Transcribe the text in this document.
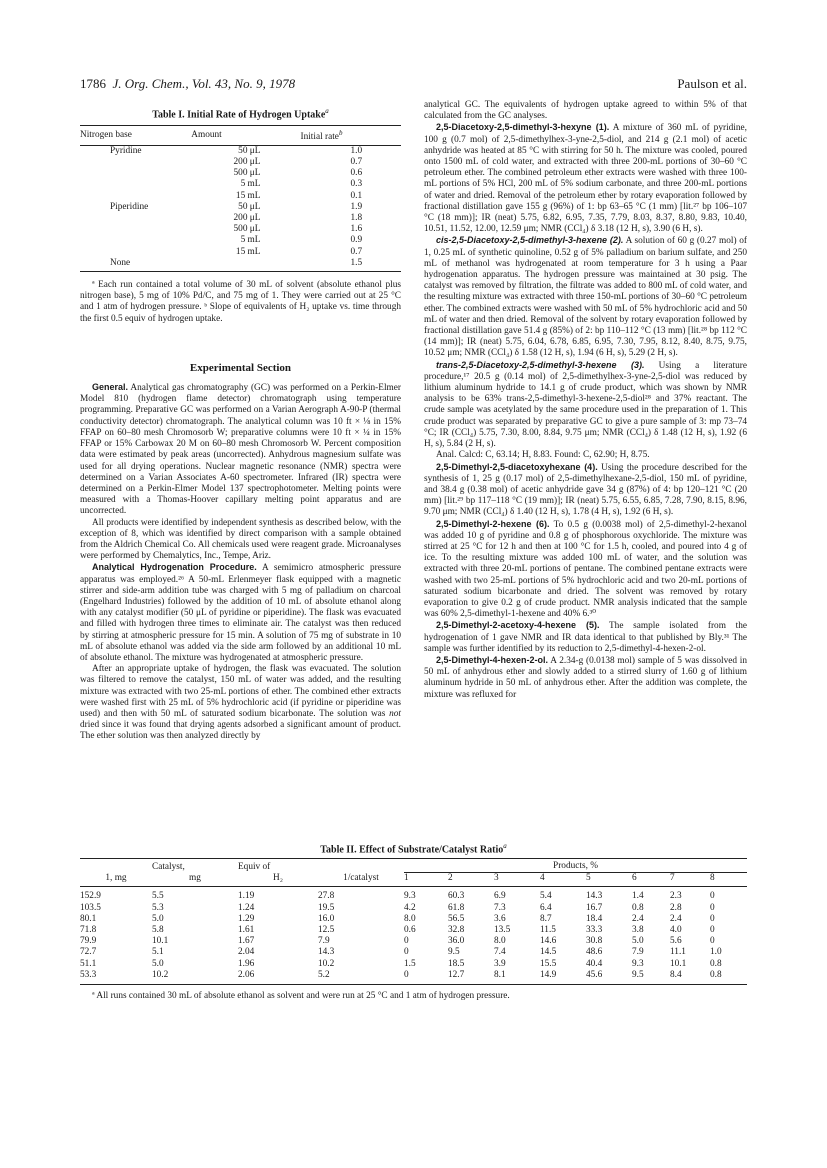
1786 J. Org. Chem., Vol. 43, No. 9, 1978	Paulson et al.
Table I. Initial Rate of Hydrogen Uptake$^a$
Nitrogen base	Amount	Initial rate$^b$
Pyridine	50 μL	1.0
	200 μL	0.7
	500 μL	0.6
	5 mL	0.3
	15 mL	0.1
Piperidine	50 μL	1.9
	200 μL	1.8
	500 μL	1.6
	5 mL	0.9
	15 mL	0.7
None		1.5
ª Each run contained a total volume of 30 mL of solvent (absolute ethanol plus nitrogen base), 5 mg of 10% Pd/C, and 75 mg of 1. They were carried out at 25 °C and 1 atm of hydrogen pressure. ᵇ Slope of equivalents of H₂ uptake vs. time through the first 0.5 equiv of hydrogen uptake.
Experimental Section

General. Analytical gas chromatography (GC) was performed on a Perkin-Elmer Model 810 (hydrogen flame detector) chromatograph using temperature programming. Preparative GC was performed on a Varian Aerograph A-90-P (thermal conductivity detector) chromatograph. The analytical column was 10 ft × ⅛ in 15% FFAP on 60–80 mesh Chromosorb W; preparative columns were 10 ft × ¼ in 15% FFAP or 15% Carbowax 20 M on 60–80 mesh Chromosorb W. Percent composition data were estimated by peak areas (uncorrected). Anhydrous magnesium sulfate was used for all drying operations. Nuclear magnetic resonance (NMR) spectra were determined on a Varian Associates A-60 spectrometer. Infrared (IR) spectra were determined on a Perkin-Elmer Model 137 spectrophotometer. Melting points were measured with a Thomas-Hoover capillary melting point apparatus and are uncorrected.

All products were identified by independent synthesis as described below, with the exception of 8, which was identified by direct comparison with a sample obtained from the Aldrich Chemical Co. All chemicals used were reagent grade. Microanalyses were performed by Chemalytics, Inc., Tempe, Ariz.

Analytical Hydrogenation Procedure. A semimicro atmospheric pressure apparatus was employed.²⁶ A 50-mL Erlenmeyer flask equipped with a magnetic stirrer and side-arm addition tube was charged with 5 mg of palladium on charcoal (Engelhard Industries) followed by the addition of 10 mL of absolute ethanol along with any catalyst modifier (50 μL of pyridine or piperidine). The flask was evacuated and filled with hydrogen three times to eliminate air. The catalyst was then reduced by stirring at atmospheric pressure for 15 min. A solution of 75 mg of substrate in 10 mL of absolute ethanol was added via the side arm followed by an additional 10 mL of absolute ethanol. The mixture was hydrogenated at atmospheric pressure.

After an appropriate uptake of hydrogen, the flask was evacuated. The solution was filtered to remove the catalyst, 150 mL of water was added, and the resulting mixture was extracted with two 25-mL portions of ether. The combined ether extracts were washed first with 25 mL of 5% hydrochloric acid (if pyridine or piperidine was used) and then with 50 mL of saturated sodium bicarbonate. The solution was not dried since it was found that drying agents adsorbed a significant amount of product. The ether solution was then analyzed directly by

analytical GC. The equivalents of hydrogen uptake agreed to within 5% of that calculated from the GC analyses.

2,5-Diacetoxy-2,5-dimethyl-3-hexyne (1). A mixture of 360 mL of pyridine, 100 g (0.7 mol) of 2,5-dimethylhex-3-yne-2,5-diol, and 214 g (2.1 mol) of acetic anhydride was heated at 85 °C with stirring for 50 h. The mixture was cooled, poured onto 1500 mL of cold water, and extracted with three 200-mL portions of 30–60 °C petroleum ether. The combined petroleum ether extracts were washed with three 100-mL portions of 5% HCl, 200 mL of 5% sodium carbonate, and three 200-mL portions of water and dried. Removal of the petroleum ether by rotary evaporation followed by fractional distillation gave 155 g (96%) of 1: bp 63–65 °C (1 mm) [lit.²⁷ bp 106–107 °C (18 mm)]; IR (neat) 5.75, 6.82, 6.95, 7.35, 7.79, 8.03, 8.37, 8.80, 9.83, 10.40, 10.51, 11.52, 12.00, 12.59 μm; NMR (CCl₄) δ 3.18 (12 H, s), 3.90 (6 H, s).

cis-2,5-Diacetoxy-2,5-dimethyl-3-hexene (2). A solution of 60 g (0.27 mol) of 1, 0.25 mL of synthetic quinoline, 0.52 g of 5% palladium on barium sulfate, and 250 mL of methanol was hydrogenated at room temperature for 3 h using a Paar hydrogenation apparatus. The hydrogen pressure was maintained at 30 psig. The catalyst was removed by filtration, the filtrate was added to 800 mL of cold water, and the resulting mixture was extracted with three 150-mL portions of 30–60 °C petroleum ether. The combined extracts were washed with 50 mL of 5% hydrochloric acid and 50 mL of water and then dried. Removal of the solvent by rotary evaporation followed by fractional distillation gave 51.4 g (85%) of 2: bp 110–112 °C (13 mm) [lit.²⁸ bp 112 °C (14 mm)]; IR (neat) 5.75, 6.04, 6.78, 6.85, 6.95, 7.30, 7.95, 8.12, 8.40, 8.75, 9.75, 10.52 μm; NMR (CCl₄) δ 1.58 (12 H, s), 1.94 (6 H, s), 5.29 (2 H, s).

trans-2,5-Diacetoxy-2,5-dimethyl-3-hexene (3). Using a literature procedure,¹⁷ 20.5 g (0.14 mol) of 2,5-dimethylhex-3-yne-2,5-diol was reduced by lithium aluminum hydride to 14.1 g of crude product, which was shown by NMR analysis to be 63% trans-2,5-dimethyl-3-hexene-2,5-diol²⁸ and 37% reactant. The crude sample was acetylated by the same procedure used in the preparation of 1. This crude product was separated by preparative GC to give a pure sample of 3: mp 73–74 °C; IR (CCl₄) 5.75, 7.30, 8.00, 8.84, 9.75 μm; NMR (CCl₄) δ 1.48 (12 H, s), 1.92 (6 H, s), 5.84 (2 H, s).

Anal. Calcd: C, 63.14; H, 8.83. Found: C, 62.90; H, 8.75.

2,5-Dimethyl-2,5-diacetoxyhexane (4). Using the procedure described for the synthesis of 1, 25 g (0.17 mol) of 2,5-dimethylhexane-2,5-diol, 150 mL of pyridine, and 38.4 g (0.38 mol) of acetic anhydride gave 34 g (87%) of 4: bp 120–121 °C (20 mm) [lit.²⁹ bp 117–118 °C (19 mm)]; IR (neat) 5.75, 6.55, 6.85, 7.28, 7.90, 8.15, 8.96, 9.70 μm; NMR (CCl₄) δ 1.40 (12 H, s), 1.78 (4 H, s), 1.92 (6 H, s).

2,5-Dimethyl-2-hexene (6). To 0.5 g (0.0038 mol) of 2,5-dimethyl-2-hexanol was added 10 g of pyridine and 0.8 g of phosphorous oxychloride. The mixture was stirred at 25 °C for 12 h and then at 100 °C for 1.5 h, cooled, and poured into 4 g of ice. To the resulting mixture was added 100 mL of water, and the solution was extracted with three 20-mL portions of pentane. The combined pentane extracts were washed with two 25-mL portions of 5% hydrochloric acid and two 20-mL portions of saturated sodium bicarbonate and dried. The solvent was removed by rotary evaporation to give 0.2 g of crude product. NMR analysis indicated that the sample was 60% 2,5-dimethyl-1-hexene and 40% 6.³⁰

2,5-Dimethyl-2-acetoxy-4-hexene (5). The sample isolated from the hydrogenation of 1 gave NMR and IR data identical to that published by Bly.³¹ The sample was further identified by its reduction to 2,5-dimethyl-4-hexen-2-ol.

2,5-Dimethyl-4-hexen-2-ol. A 2.34-g (0.0138 mol) sample of 5 was dissolved in 50 mL of anhydrous ether and slowly added to a stirred slurry of 1.60 g of lithium aluminum hydride in 50 mL of anhydrous ether. After the addition was complete, the mixture was refluxed for

Table II. Effect of Substrate/Catalyst Ratio$^a$
	Catalyst,	Equiv of		Products, %							
1, mg	mg	H₂	1/catalyst	1	2	3	4	5	6	7	8
152.9	5.5	1.19	27.8	9.3	60.3	6.9	5.4	14.3	1.4	2.3	0
103.5	5.3	1.24	19.5	4.2	61.8	7.3	6.4	16.7	0.8	2.8	0
80.1	5.0	1.29	16.0	8.0	56.5	3.6	8.7	18.4	2.4	2.4	0
71.8	5.8	1.61	12.5	0.6	32.8	13.5	11.5	33.3	3.8	4.0	0
79.9	10.1	1.67	7.9	0	36.0	8.0	14.6	30.8	5.0	5.6	0
72.7	5.1	2.04	14.3	0	9.5	7.4	14.5	48.6	7.9	11.1	1.0
51.1	5.0	1.96	10.2	1.5	18.5	3.9	15.5	40.4	9.3	10.1	0.8
53.3	10.2	2.06	5.2	0	12.7	8.1	14.9	45.6	9.5	8.4	0.8
ª All runs contained 30 mL of absolute ethanol as solvent and were run at 25 °C and 1 atm of hydrogen pressure.
